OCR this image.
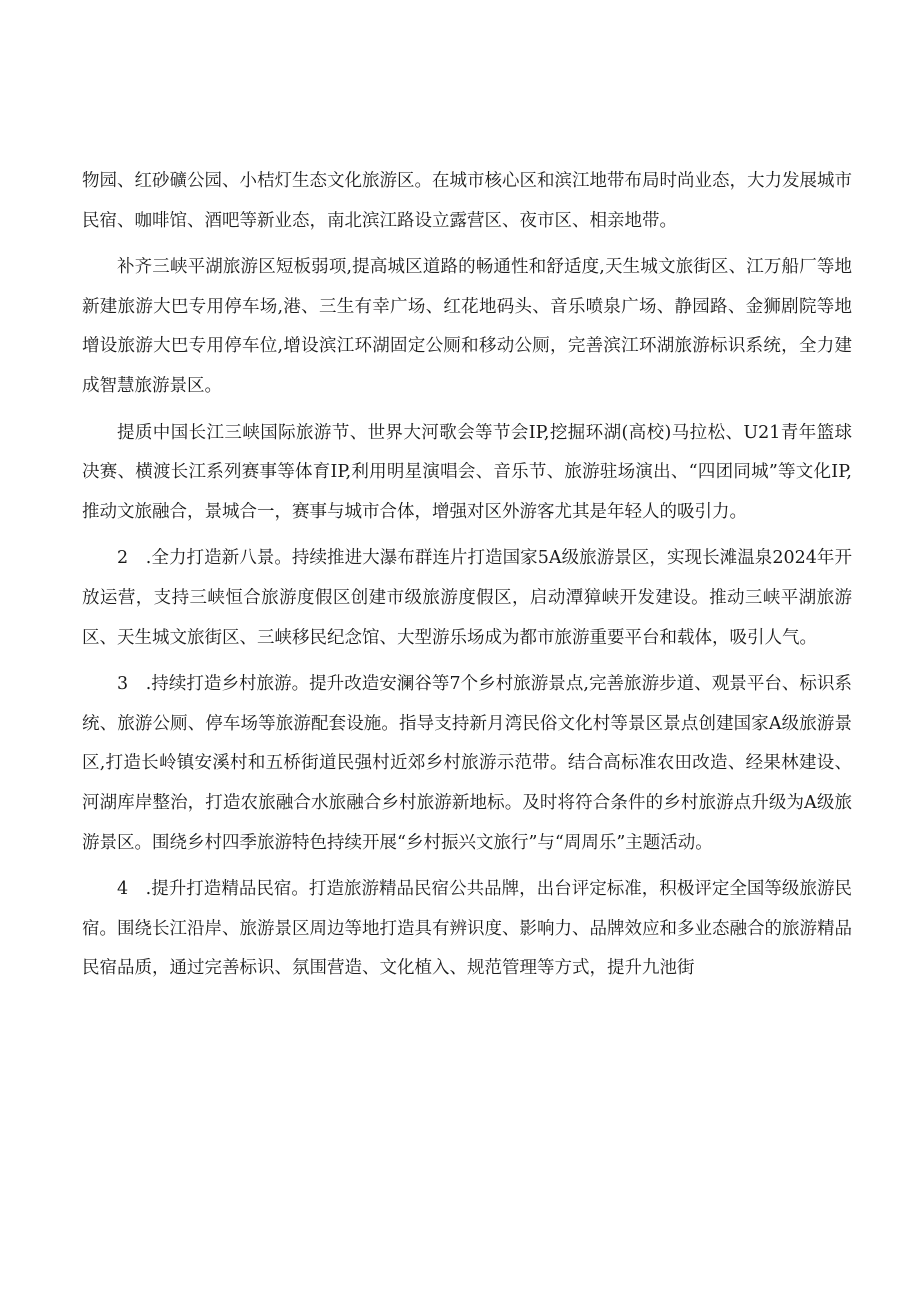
物园、红砂礦公园、小桔灯生态文化旅游区。在城市核心区和滨江地带布局时尚业态，大力发展城市民宿、咖啡馆、酒吧等新业态，南北滨江路设立露营区、夜市区、相亲地带。

补齐三峡平湖旅游区短板弱项,提高城区道路的畅通性和舒适度,天生城文旅街区、江万船厂等地新建旅游大巴专用停车场,港、三生有幸广场、红花地码头、音乐喷泉广场、静园路、金狮剧院等地增设旅游大巴专用停车位,增设滨江环湖固定公厕和移动公厕，完善滨江环湖旅游标识系统，全力建成智慧旅游景区。

提质中国长江三峡国际旅游节、世界大河歌会等节会IP,挖掘环湖(高校)马拉松、U21青年篮球决赛、横渡长江系列赛事等体育IP,利用明星演唱会、音乐节、旅游驻场演出、“四团同城”等文化IP,推动文旅融合，景城合一，赛事与城市合体，增强对区外游客尤其是年轻人的吸引力。

2　.全力打造新八景。持续推进大瀑布群连片打造国家5A级旅游景区，实现长滩温泉2024年开放运营，支持三峡恒合旅游度假区创建市级旅游度假区，启动潭獐峡开发建设。推动三峡平湖旅游区、天生城文旅街区、三峡移民纪念馆、大型游乐场成为都市旅游重要平台和载体，吸引人气。

3　.持续打造乡村旅游。提升改造安澜谷等7个乡村旅游景点,完善旅游步道、观景平台、标识系统、旅游公厕、停车场等旅游配套设施。指导支持新月湾民俗文化村等景区景点创建国家A级旅游景区,打造长岭镇安溪村和五桥街道民强村近郊乡村旅游示范带。结合高标准农田改造、经果林建设、河湖库岸整治，打造农旅融合水旅融合乡村旅游新地标。及时将符合条件的乡村旅游点升级为A级旅游景区。围绕乡村四季旅游特色持续开展“乡村振兴文旅行”与“周周乐”主题活动。

4　.提升打造精品民宿。打造旅游精品民宿公共品牌，出台评定标准，积极评定全国等级旅游民宿。围绕长江沿岸、旅游景区周边等地打造具有辨识度、影响力、品牌效应和多业态融合的旅游精品民宿品质，通过完善标识、氛围营造、文化植入、规范管理等方式，提升九池街
